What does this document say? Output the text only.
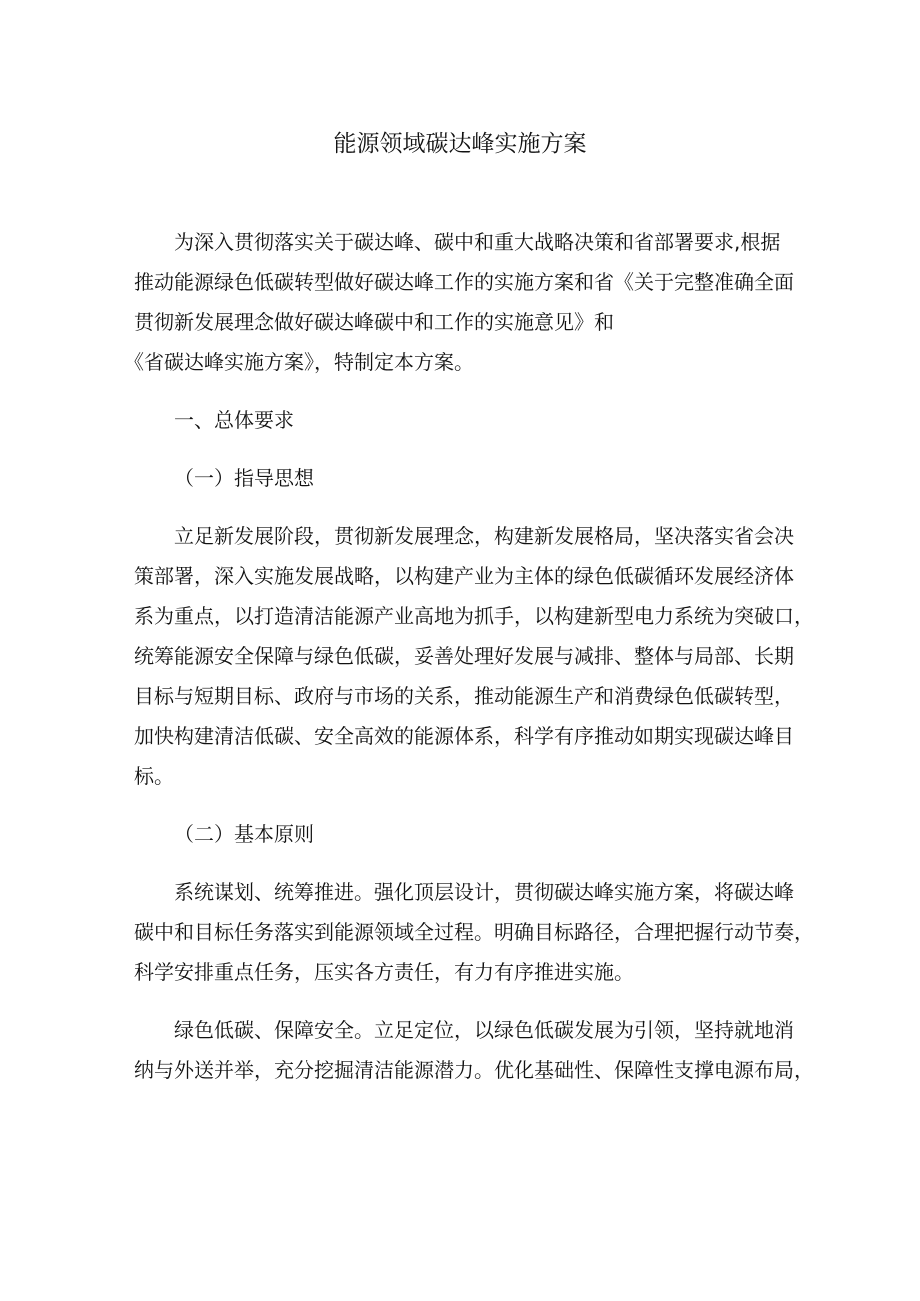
能源领域碳达峰实施方案

为深入贯彻落实关于碳达峰、碳中和重大战略决策和省部署要求,根据
推动能源绿色低碳转型做好碳达峰工作的实施方案和省《关于完整准确全面
贯彻新发展理念做好碳达峰碳中和工作的实施意见》和
《省碳达峰实施方案》，特制定本方案。

一、总体要求

（一）指导思想

立足新发展阶段，贯彻新发展理念，构建新发展格局，坚决落实省会决
策部署，深入实施发展战略，以构建产业为主体的绿色低碳循环发展经济体
系为重点，以打造清洁能源产业高地为抓手，以构建新型电力系统为突破口，
统筹能源安全保障与绿色低碳，妥善处理好发展与减排、整体与局部、长期
目标与短期目标、政府与市场的关系，推动能源生产和消费绿色低碳转型，
加快构建清洁低碳、安全高效的能源体系，科学有序推动如期实现碳达峰目
标。

（二）基本原则

系统谋划、统筹推进。强化顶层设计，贯彻碳达峰实施方案，将碳达峰
碳中和目标任务落实到能源领域全过程。明确目标路径，合理把握行动节奏，
科学安排重点任务，压实各方责任，有力有序推进实施。

绿色低碳、保障安全。立足定位，以绿色低碳发展为引领，坚持就地消
纳与外送并举，充分挖掘清洁能源潜力。优化基础性、保障性支撑电源布局，
